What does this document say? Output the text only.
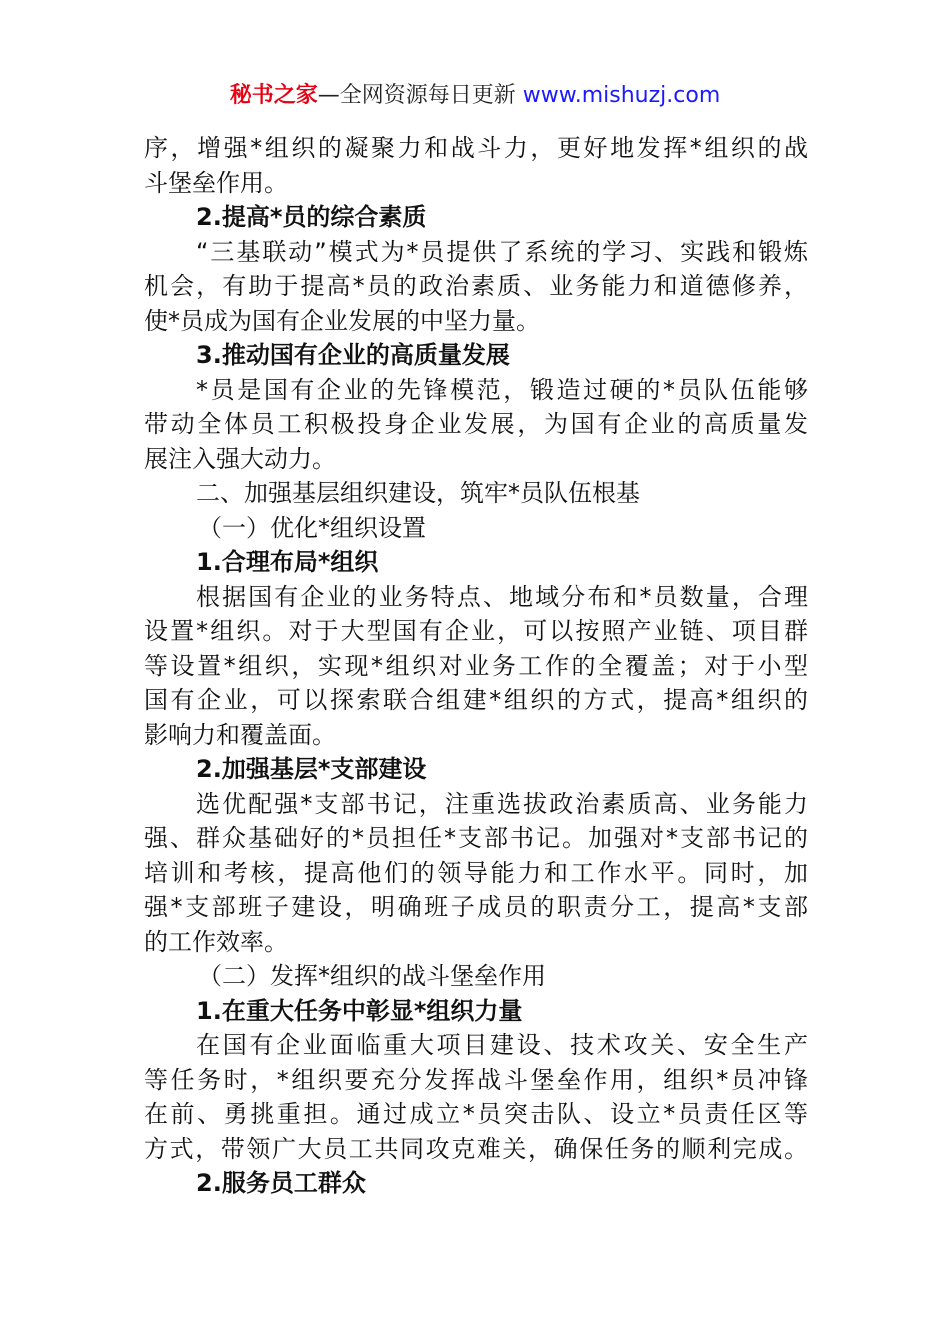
秘书之家—全网资源每日更新 www.mishuzj.com
序，增强*组织的凝聚力和战斗力，更好地发挥*组织的战
斗堡垒作用。
2.提高*员的综合素质
“三基联动”模式为*员提供了系统的学习、实践和锻炼
机会，有助于提高*员的政治素质、业务能力和道德修养，
使*员成为国有企业发展的中坚力量。
3.推动国有企业的高质量发展
*员是国有企业的先锋模范，锻造过硬的*员队伍能够
带动全体员工积极投身企业发展，为国有企业的高质量发
展注入强大动力。
二、加强基层组织建设，筑牢*员队伍根基
（一）优化*组织设置
1.合理布局*组织
根据国有企业的业务特点、地域分布和*员数量，合理
设置*组织。对于大型国有企业，可以按照产业链、项目群
等设置*组织，实现*组织对业务工作的全覆盖；对于小型
国有企业，可以探索联合组建*组织的方式，提高*组织的
影响力和覆盖面。
2.加强基层*支部建设
选优配强*支部书记，注重选拔政治素质高、业务能力
强、群众基础好的*员担任*支部书记。加强对*支部书记的
培训和考核，提高他们的领导能力和工作水平。同时，加
强*支部班子建设，明确班子成员的职责分工，提高*支部
的工作效率。
（二）发挥*组织的战斗堡垒作用
1.在重大任务中彰显*组织力量
在国有企业面临重大项目建设、技术攻关、安全生产
等任务时，*组织要充分发挥战斗堡垒作用，组织*员冲锋
在前、勇挑重担。通过成立*员突击队、设立*员责任区等
方式，带领广大员工共同攻克难关，确保任务的顺利完成。
2.服务员工群众
